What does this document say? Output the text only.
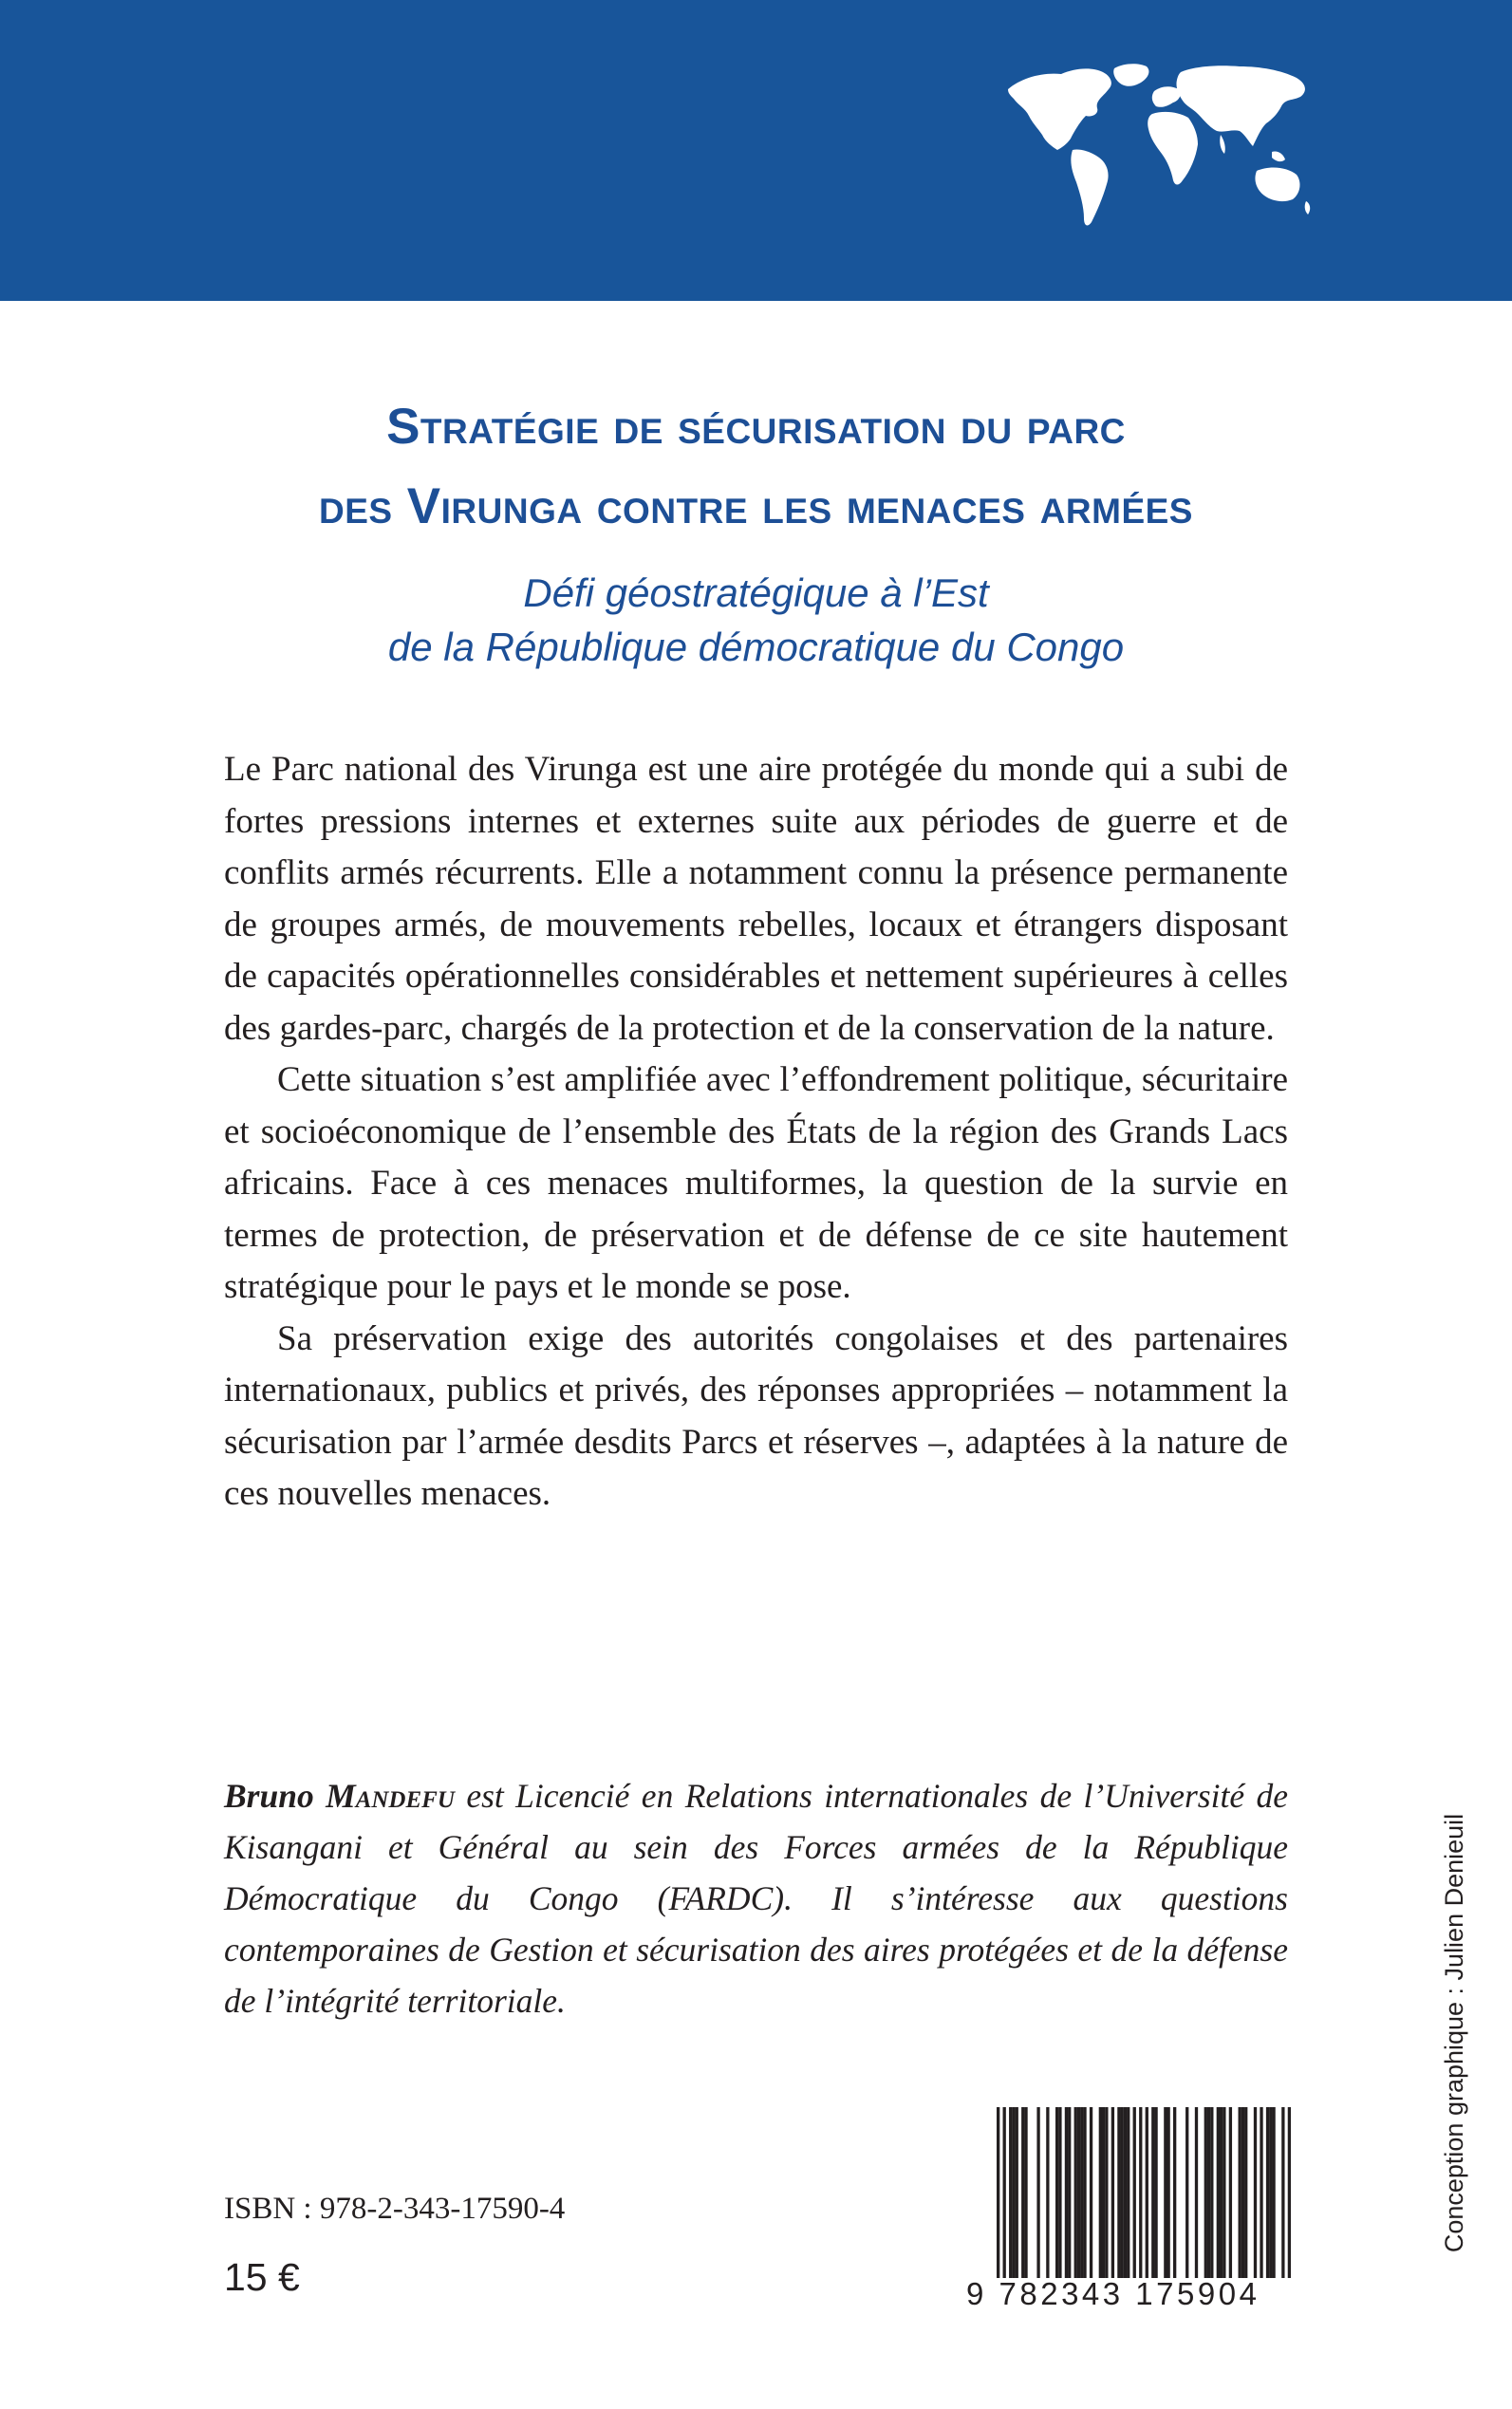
Stratégie de sécurisation du parc
des Virunga contre les menaces armées
Défi géostratégique à l’Est
de la République démocratique du Congo

Le Parc national des Virunga est une aire protégée du monde qui a subi de fortes pressions internes et externes suite aux périodes de guerre et de conflits armés récurrents. Elle a notamment connu la présence permanente de groupes armés, de mouvements rebelles, locaux et étrangers disposant de capacités opérationnelles considérables et nettement supérieures à celles des gardes-parc, chargés de la protection et de la conservation de la nature.

Cette situation s’est amplifiée avec l’effondrement politique, sécuritaire et socioéconomique de l’ensemble des États de la région des Grands Lacs africains. Face à ces menaces multiformes, la question de la survie en termes de protection, de préservation et de défense de ce site hautement stratégique pour le pays et le monde se pose.

Sa préservation exige des autorités congolaises et des partenaires internationaux, publics et privés, des réponses appropriées – notamment la sécurisation par l’armée desdits Parcs et réserves –, adaptées à la nature de ces nouvelles menaces.

Bruno Mandefu est Licencié en Relations internationales de l’Université de Kisangani et Général au sein des Forces armées de la République Démocratique du Congo (FARDC). Il s’intéresse aux questions contemporaines de Gestion et sécurisation des aires protégées et de la défense de l’intégrité territoriale.	Conception graphique : Julien Denieuil
ISBN : 978-2-343-17590-4
15 €	9 782343 175904
